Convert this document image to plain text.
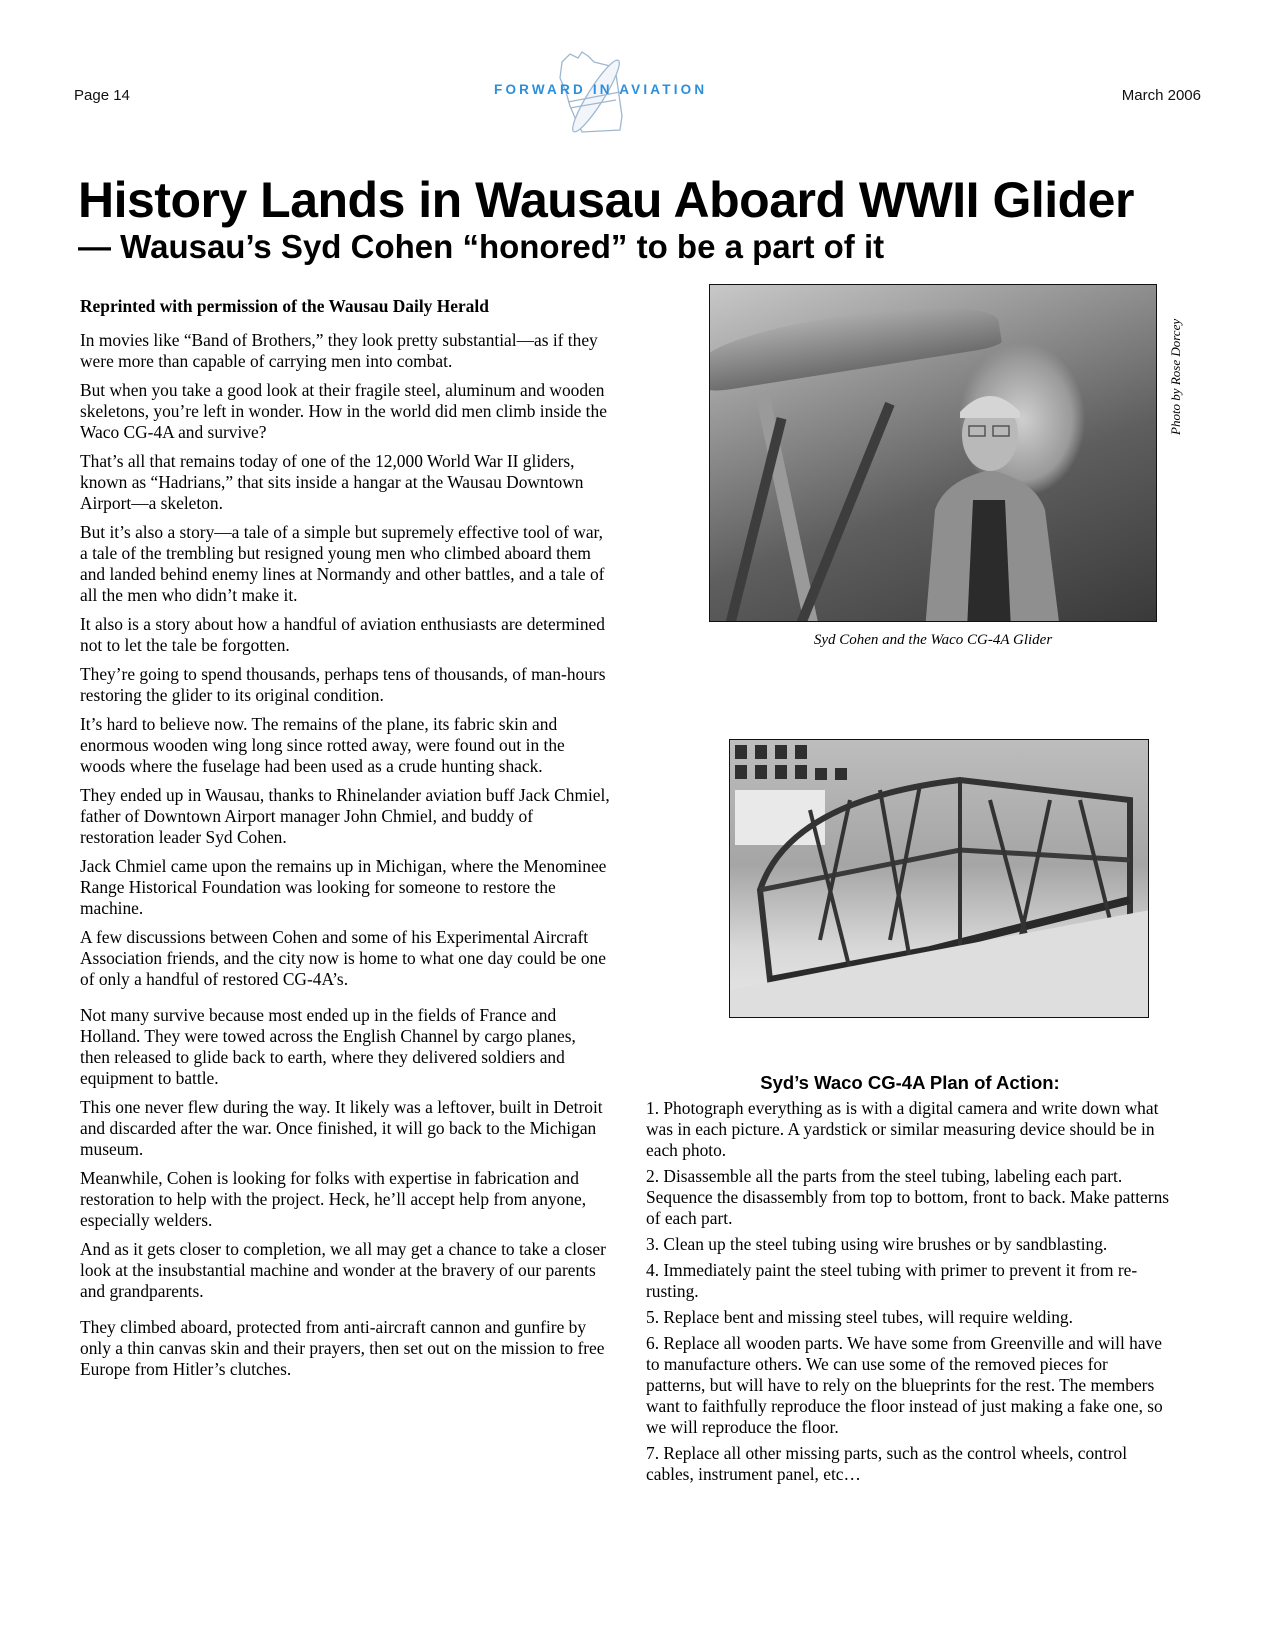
Page 14	FORWARD IN AVIATION	March 2006
History Lands in Wausau Aboard WWII Glider
— Wausau’s Syd Cohen “honored” to be a part of it

Reprinted with permission of the Wausau Daily Herald

In movies like “Band of Brothers,” they look pretty substantial—as if they were more than capable of carrying men into combat.

But when you take a good look at their fragile steel, aluminum and wooden skeletons, you’re left in wonder. How in the world did men climb inside the Waco CG-4A and survive?

That’s all that remains today of one of the 12,000 World War II gliders, known as “Hadrians,” that sits inside a hangar at the Wausau Downtown Airport—a skeleton.

But it’s also a story—a tale of a simple but supremely effective tool of war, a tale of the trembling but resigned young men who climbed aboard them and landed behind enemy lines at Normandy and other battles, and a tale of all the men who didn’t make it.

It also is a story about how a handful of aviation enthusiasts are determined not to let the tale be forgotten.

They’re going to spend thousands, perhaps tens of thousands, of man-hours restoring the glider to its original condition.

It’s hard to believe now. The remains of the plane, its fabric skin and enormous wooden wing long since rotted away, were found out in the woods where the fuselage had been used as a crude hunting shack.

They ended up in Wausau, thanks to Rhinelander aviation buff Jack Chmiel, father of Downtown Airport manager John Chmiel, and buddy of restoration leader Syd Cohen.

Jack Chmiel came upon the remains up in Michigan, where the Menominee Range Historical Foundation was looking for someone to restore the machine.

A few discussions between Cohen and some of his Experimental Aircraft Association friends, and the city now is home to what one day could be one of only a handful of restored CG-4A’s.

Not many survive because most ended up in the fields of France and Holland. They were towed across the English Channel by cargo planes, then released to glide back to earth, where they delivered soldiers and equipment to battle.

This one never flew during the way. It likely was a leftover, built in Detroit and discarded after the war. Once finished, it will go back to the Michigan museum.

Meanwhile, Cohen is looking for folks with expertise in fabrication and restoration to help with the project. Heck, he’ll accept help from anyone, especially welders.

And as it gets closer to completion, we all may get a chance to take a closer look at the insubstantial machine and wonder at the bravery of our parents and grandparents.

They climbed aboard, protected from anti-aircraft cannon and gunfire by only a thin canvas skin and their prayers, then set out on the mission to free Europe from Hitler’s clutches.

Photo by Rose Dorcey
Syd Cohen and the Waco CG-4A Glider
Syd’s Waco CG-4A Plan of Action:
1. Photograph everything as is with a digital camera and write down what was in each picture. A yardstick or similar measuring device should be in each photo.
2. Disassemble all the parts from the steel tubing, labeling each part. Sequence the disassembly from top to bottom, front to back. Make patterns of each part.
3. Clean up the steel tubing using wire brushes or by sandblasting.
4. Immediately paint the steel tubing with primer to prevent it from re-rusting.
5. Replace bent and missing steel tubes, will require welding.
6. Replace all wooden parts. We have some from Greenville and will have to manufacture others. We can use some of the removed pieces for patterns, but will have to rely on the blueprints for the rest. The members want to faithfully reproduce the floor instead of just making a fake one, so we will reproduce the floor.
7. Replace all other missing parts, such as the control wheels, control cables, instrument panel, etc…
